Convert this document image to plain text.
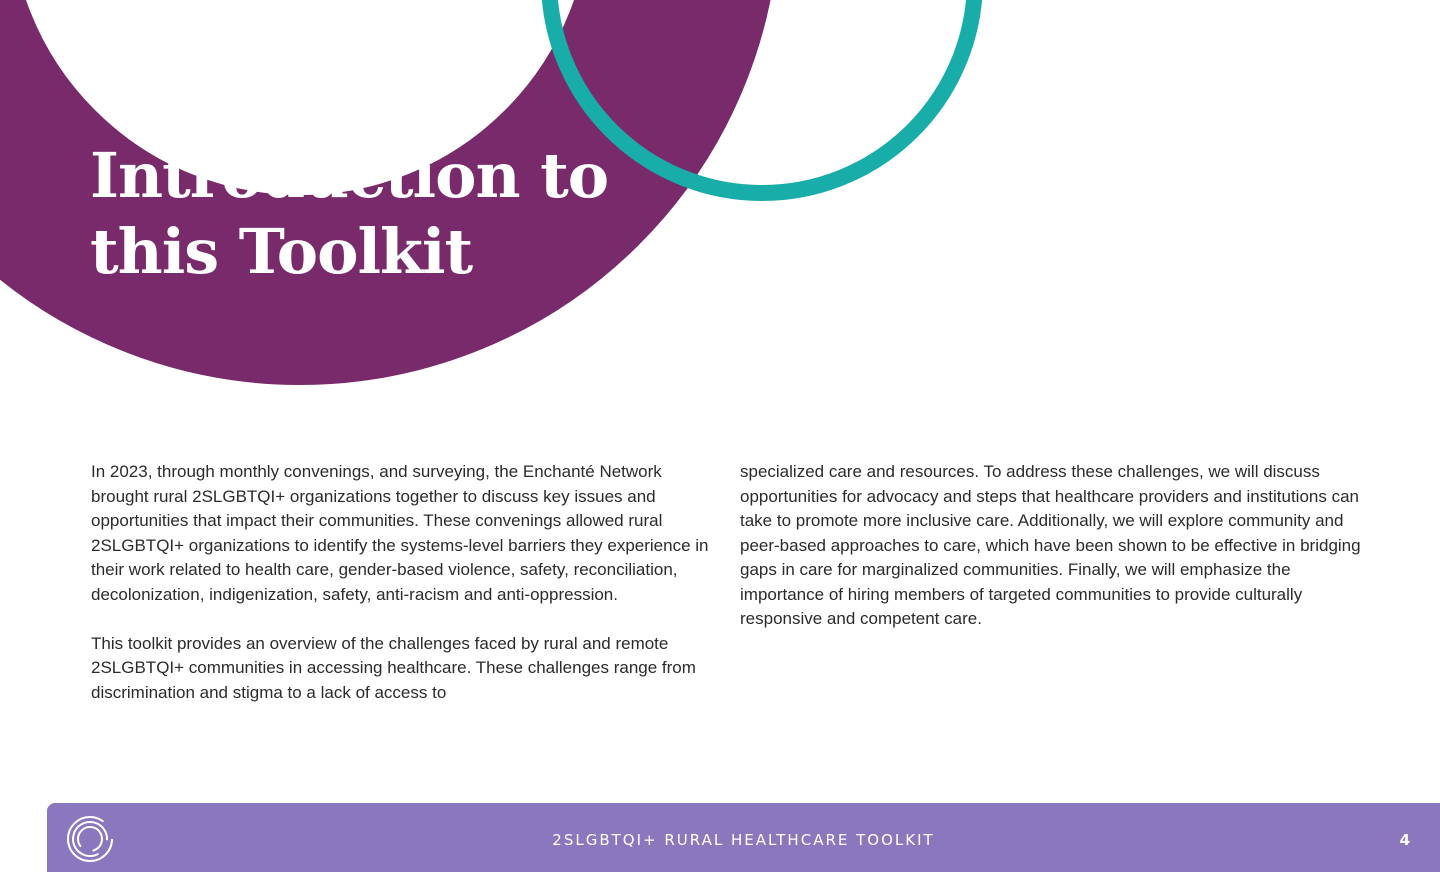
Introduction to
this Toolkit

In 2023, through monthly convenings, and surveying, the Enchanté Network brought rural 2SLGBTQI+ organizations together to discuss key issues and opportunities that impact their communities. These convenings allowed rural 2SLGBTQI+ organizations to identify the systems-level barriers they experience in their work related to health care, gender-based violence, safety, reconciliation, decolonization, indigenization, safety, anti-racism and anti-oppression.

This toolkit provides an overview of the challenges faced by rural and remote 2SLGBTQI+ communities in accessing healthcare. These challenges range from discrimination and stigma to a lack of access to

specialized care and resources. To address these challenges, we will discuss opportunities for advocacy and steps that healthcare providers and institutions can take to promote more inclusive care. Additionally, we will explore community and peer-based approaches to care, which have been shown to be effective in bridging gaps in care for marginalized communities. Finally, we will emphasize the importance of hiring members of targeted communities to provide culturally responsive and competent care.

2SLGBTQI+ RURAL HEALTHCARE TOOLKIT	4
